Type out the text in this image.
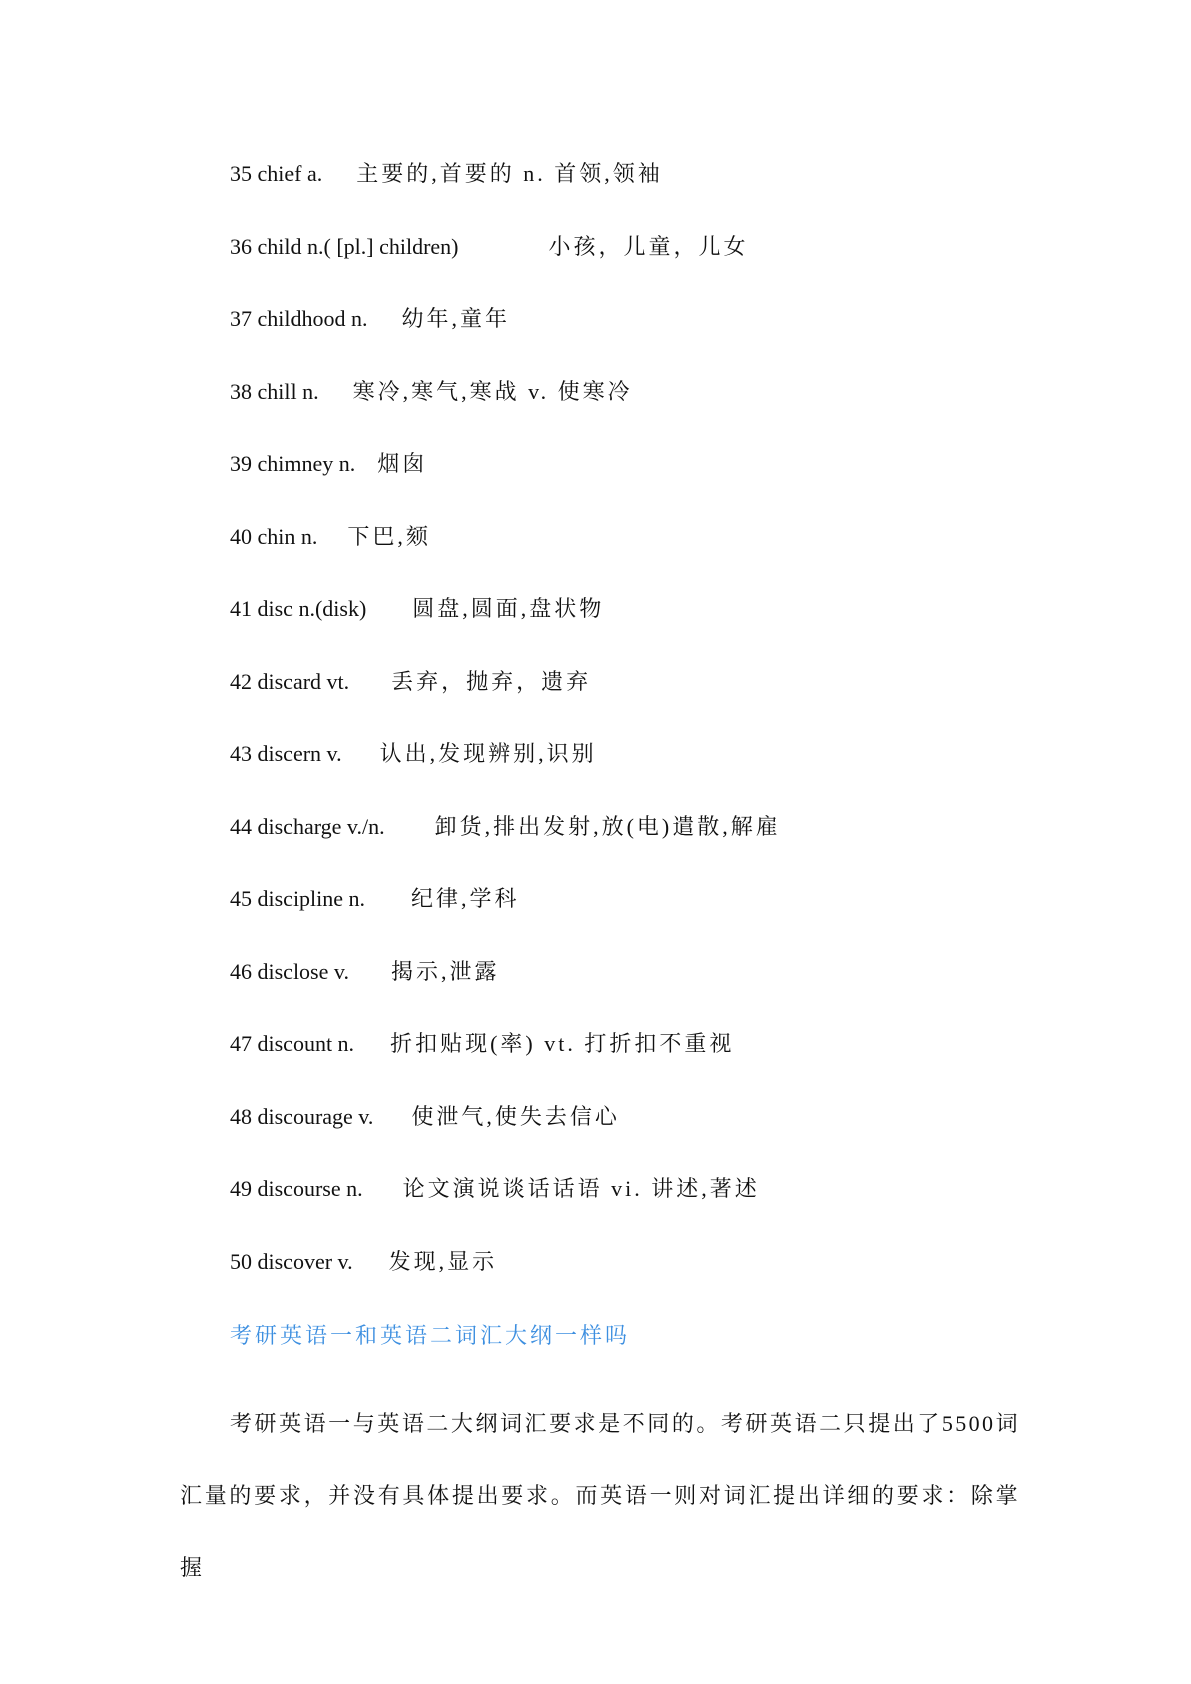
35 chief a. 主要的,首要的 n. 首领,领袖
36 child n.( [pl.] children)	小孩，儿童，儿女
37 childhood n. 幼年,童年
38 chill n. 寒冷,寒气,寒战 v. 使寒冷
39 chimney n. 烟囱
40 chin n. 下巴,颏
41 disc n.(disk) 圆盘,圆面,盘状物
42 discard vt. 丢弃，抛弃，遗弃
43 discern v. 认出,发现辨别,识别
44 discharge v./n. 卸货,排出发射,放(电)遣散,解雇
45 discipline n. 纪律,学科
46 disclose v. 揭示,泄露
47 discount n. 折扣贴现(率) vt. 打折扣不重视
48 discourage v. 使泄气,使失去信心
49 discourse n. 论文演说谈话话语 vi. 讲述,著述
50 discover v. 发现,显示
考研英语一和英语二词汇大纲一样吗
考研英语一与英语二大纲词汇要求是不同的。考研英语二只提出了5500词汇量的要求，并没有具体提出要求。而英语一则对词汇提出详细的要求：除掌握
